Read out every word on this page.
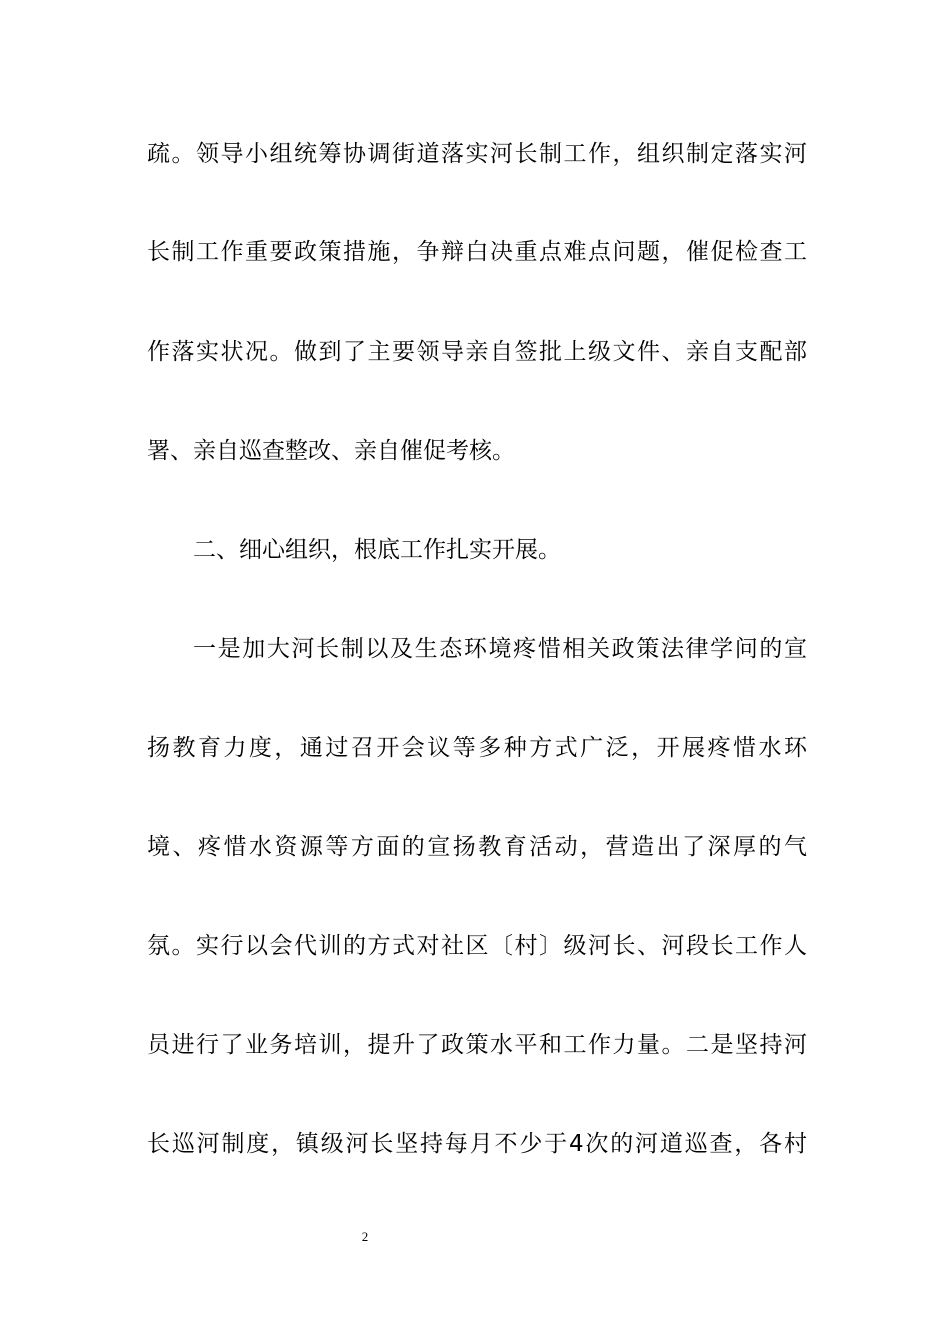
疏。领导小组统筹协调街道落实河长制工作，组织制定落实河
长制工作重要政策措施，争辩白决重点难点问题，催促检查工
作落实状况。做到了主要领导亲自签批上级文件、亲自支配部
署、亲自巡查整改、亲自催促考核。
二、细心组织，根底工作扎实开展。
一是加大河长制以及生态环境疼惜相关政策法律学问的宣
扬教育力度，通过召开会议等多种方式广泛，开展疼惜水环
境、疼惜水资源等方面的宣扬教育活动，营造出了深厚的气
氛。实行以会代训的方式对社区〔村〕级河长、河段长工作人
员进行了业务培训，提升了政策水平和工作力量。二是坚持河
长巡河制度，镇级河长坚持每月不少于4次的河道巡查，各村
2
